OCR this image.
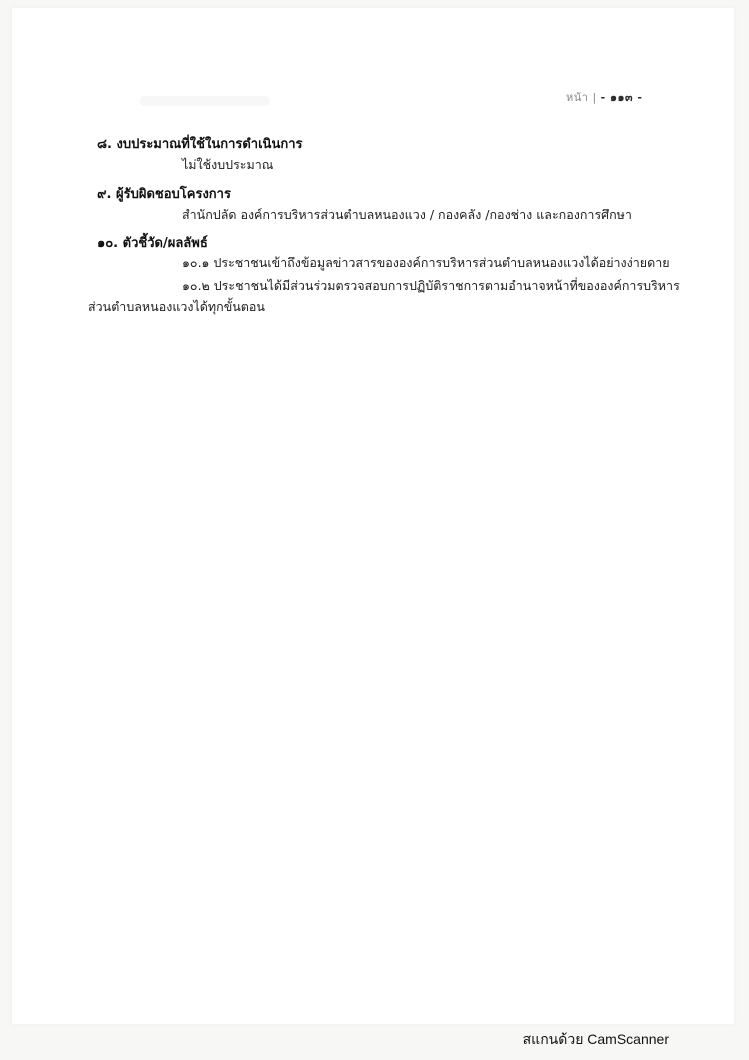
หน้า | - ๑๑๓ -
๘. งบประมาณที่ใช้ในการดำเนินการ
ไม่ใช้งบประมาณ
๙. ผู้รับผิดชอบโครงการ
สำนักปลัด องค์การบริหารส่วนตำบลหนองแวง / กองคลัง /กองช่าง และกองการศึกษา
๑๐. ตัวชี้วัด/ผลลัพธ์
๑๐.๑ ประชาชนเข้าถึงข้อมูลข่าวสารขององค์การบริหารส่วนตำบลหนองแวงได้อย่างง่ายดาย
๑๐.๒ ประชาชนได้มีส่วนร่วมตรวจสอบการปฏิบัติราชการตามอำนาจหน้าที่ขององค์การบริหาร
ส่วนตำบลหนองแวงได้ทุกขั้นตอน
สแกนด้วย CamScanner
